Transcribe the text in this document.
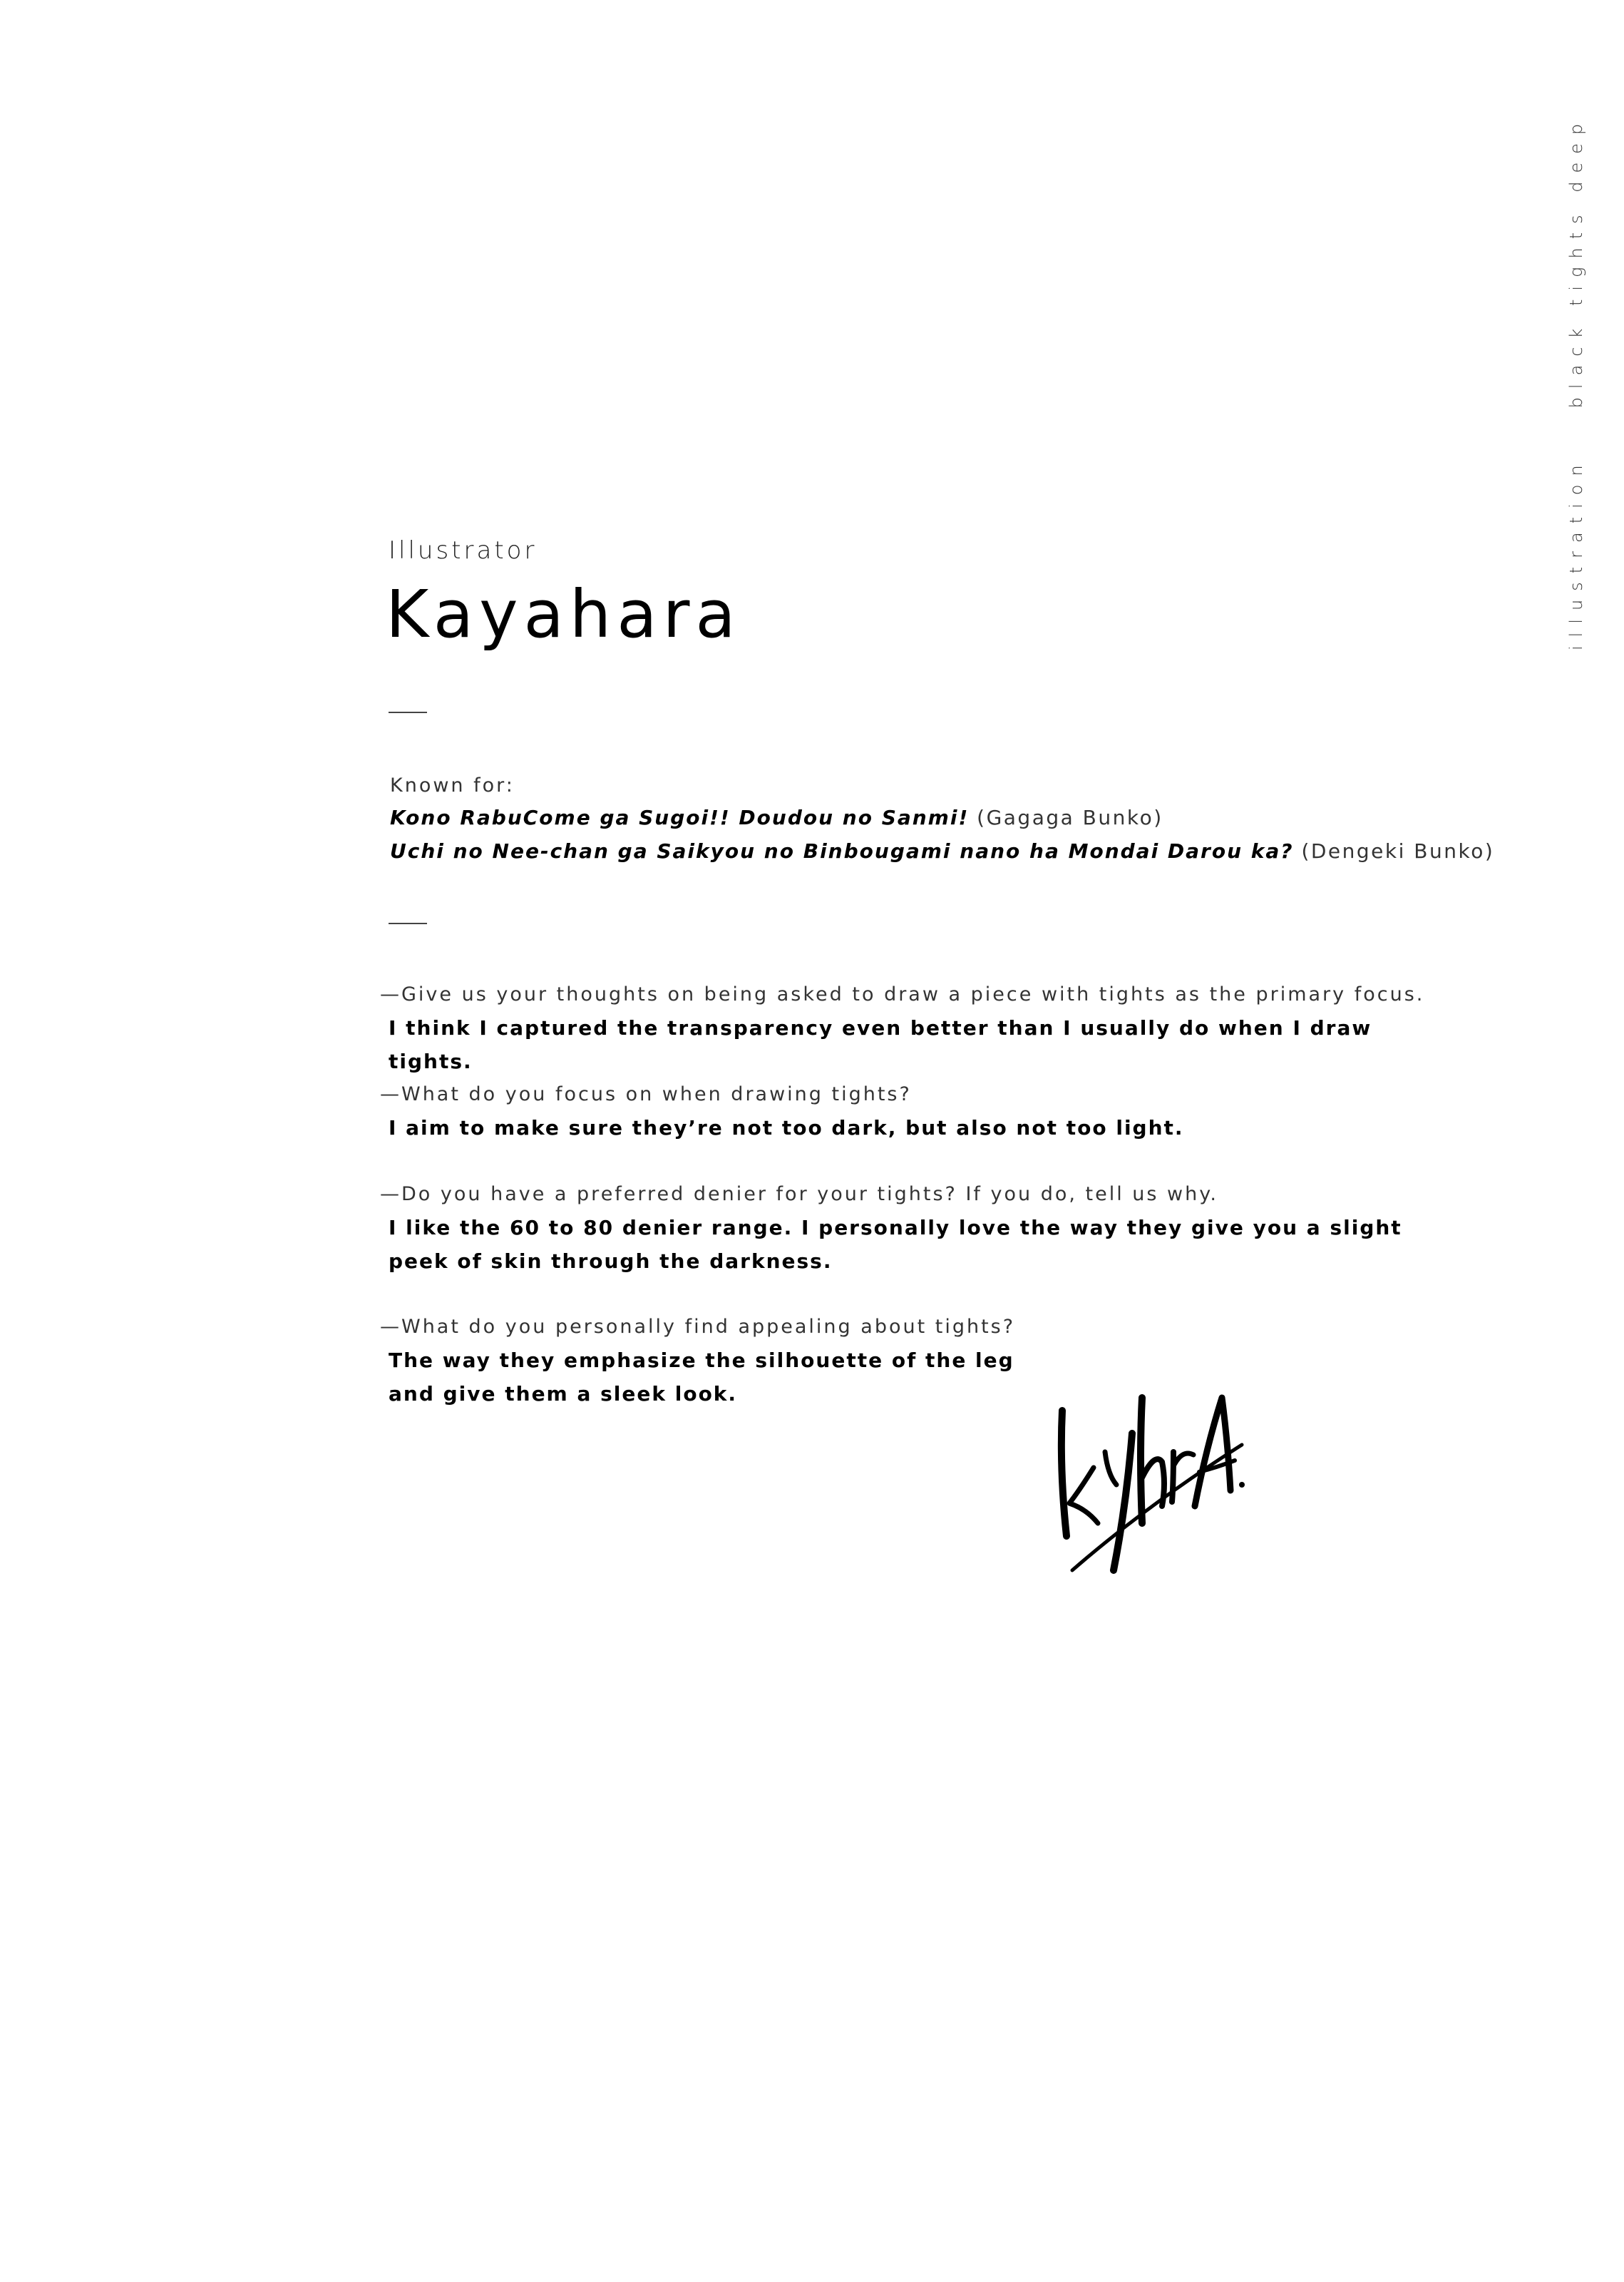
illustration
black tights deep
Illustrator
Kayahara
Known for:
Kono RabuCome ga Sugoi!! Doudou no Sanmi! (Gagaga Bunko)
Uchi no Nee-chan ga Saikyou no Binbougami nano ha Mondai Darou ka? (Dengeki Bunko)
—Give us your thoughts on being asked to draw a piece with tights as the primary focus.
I think I captured the transparency even better than I usually do when I draw tights.
—What do you focus on when drawing tights?
I aim to make sure they’re not too dark, but also not too light.
—Do you have a preferred denier for your tights? If you do, tell us why.
I like the 60 to 80 denier range. I personally love the way they give you a slight
peek of skin through the darkness.
—What do you personally find appealing about tights?
The way they emphasize the silhouette of the leg
and give them a sleek look.
